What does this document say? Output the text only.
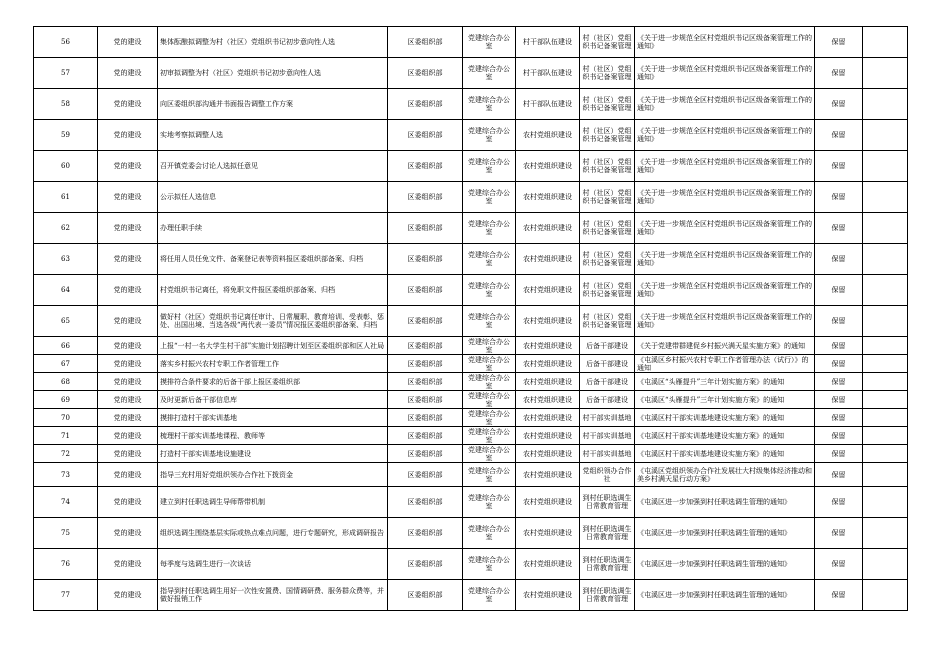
56	党的建设	集体酝酿拟调整为村（社区）党组织书记初步意向性人选	区委组织部	党建综合办公室	村干部队伍建设	村（社区）党组织书记备案管理	《关于进一步规范全区村党组织书记区级备案管理工作的通知》	保留	
57	党的建设	初审拟调整为村（社区）党组织书记初步意向性人选	区委组织部	党建综合办公室	村干部队伍建设	村（社区）党组织书记备案管理	《关于进一步规范全区村党组织书记区级备案管理工作的通知》	保留	
58	党的建设	向区委组织部沟通并书面报告调整工作方案	区委组织部	党建综合办公室	村干部队伍建设	村（社区）党组织书记备案管理	《关于进一步规范全区村党组织书记区级备案管理工作的通知》	保留	
59	党的建设	实地考察拟调整人选	区委组织部	党建综合办公室	农村党组织建设	村（社区）党组织书记备案管理	《关于进一步规范全区村党组织书记区级备案管理工作的通知》	保留	
60	党的建设	召开镇党委会讨论人选拟任意见	区委组织部	党建综合办公室	农村党组织建设	村（社区）党组织书记备案管理	《关于进一步规范全区村党组织书记区级备案管理工作的通知》	保留	
61	党的建设	公示拟任人选信息	区委组织部	党建综合办公室	农村党组织建设	村（社区）党组织书记备案管理	《关于进一步规范全区村党组织书记区级备案管理工作的通知》	保留	
62	党的建设	办理任职手续	区委组织部	党建综合办公室	农村党组织建设	村（社区）党组织书记备案管理	《关于进一步规范全区村党组织书记区级备案管理工作的通知》	保留	
63	党的建设	将任用人员任免文件、备案登记表等资料报区委组织部备案、归档	区委组织部	党建综合办公室	农村党组织建设	村（社区）党组织书记备案管理	《关于进一步规范全区村党组织书记区级备案管理工作的通知》	保留	
64	党的建设	村党组织书记离任，将免职文件报区委组织部备案、归档	区委组织部	党建综合办公室	农村党组织建设	村（社区）党组织书记备案管理	《关于进一步规范全区村党组织书记区级备案管理工作的通知》	保留	
65	党的建设	做好村（社区）党组织书记离任审计、日常履职、教育培训、受表彰、惩处、出国出境、当选各级“两代表一委员”情况报区委组织部备案、归档	区委组织部	党建综合办公室	农村党组织建设	村（社区）党组织书记备案管理	《关于进一步规范全区村党组织书记区级备案管理工作的通知》	保留	
66	党的建设	上报“一村一名大学生村干部”实施计划招聘计划至区委组织部和区人社局	区委组织部	党建综合办公室	农村党组织建设	后备干部建设	《关于党建带群建促乡村振兴满天星实施方案》的通知	保留	
67	党的建设	落实乡村振兴农村专职工作者管理工作	区委组织部	党建综合办公室	农村党组织建设	后备干部建设	《屯溪区乡村振兴农村专职工作者管理办法（试行）》的通知	保留	
68	党的建设	摸排符合条件要求的后备干部上报区委组织部	区委组织部	党建综合办公室	农村党组织建设	后备干部建设	《屯溪区“头雁提升”三年计划实施方案》的通知	保留	
69	党的建设	及时更新后备干部信息库	区委组织部	党建综合办公室	农村党组织建设	后备干部建设	《屯溪区“头雁提升”三年计划实施方案》的通知	保留	
70	党的建设	摸排打造村干部实训基地	区委组织部	党建综合办公室	农村党组织建设	村干部实训基地	《屯溪区村干部实训基地建设实施方案》的通知	保留	
71	党的建设	梳理村干部实训基地课程、教师等	区委组织部	党建综合办公室	农村党组织建设	村干部实训基地	《屯溪区村干部实训基地建设实施方案》的通知	保留	
72	党的建设	打造村干部实训基地设施建设	区委组织部	党建综合办公室	农村党组织建设	村干部实训基地	《屯溪区村干部实训基地建设实施方案》的通知	保留	
73	党的建设	指导三充村用好党组织领办合作社下拨资金	区委组织部	党建综合办公室	农村党组织建设	党组织领办合作社	《屯溪区党组织领办合作社发展壮大村级集体经济推动和美乡村满天星行动方案》	保留	
74	党的建设	建立到村任职选调生导师帮带机制	区委组织部	党建综合办公室	农村党组织建设	到村任职选调生日常教育管理	《屯溪区进一步加强到村任职选调生管理的通知》	保留	
75	党的建设	组织选调生围绕基层实际或热点难点问题，进行专题研究，形成调研报告	区委组织部	党建综合办公室	农村党组织建设	到村任职选调生日常教育管理	《屯溪区进一步加强到村任职选调生管理的通知》	保留	
76	党的建设	每季度与选调生进行一次谈话	区委组织部	党建综合办公室	农村党组织建设	到村任职选调生日常教育管理	《屯溪区进一步加强到村任职选调生管理的通知》	保留	
77	党的建设	指导到村任职选调生用好一次性安置费、国情调研费、服务群众费等，并做好报销工作	区委组织部	党建综合办公室	农村党组织建设	到村任职选调生日常教育管理	《屯溪区进一步加强到村任职选调生管理的通知》	保留	
